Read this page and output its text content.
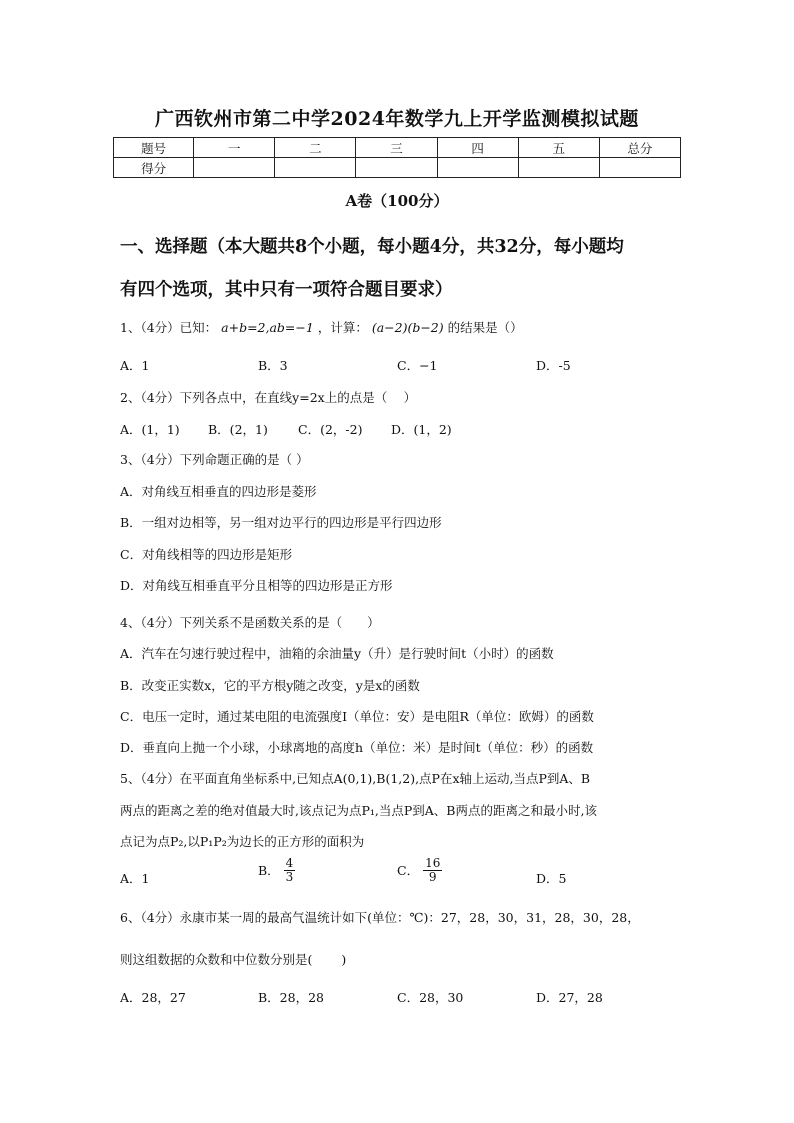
广西钦州市第二中学2024年数学九上开学监测模拟试题
题号	一	二	三	四	五	总分
得分						
A卷（100分）
一、选择题（本大题共8个小题，每小题4分，共32分，每小题均
有四个选项，其中只有一项符合题目要求）
1、（4分）已知： a+b=2,ab=−1 ，计算： (a−2)(b−2) 的结果是（）
A．1	B．3	C．−1	D．-5
2、（4分）下列各点中，在直线y=2x上的点是（　 ）
A．(1，1) B．(2，1) C．(2，-2) D．(1，2)
3、（4分）下列命题正确的是（ ）
A．对角线互相垂直的四边形是菱形
B．一组对边相等，另一组对边平行的四边形是平行四边形
C．对角线相等的四边形是矩形
D．对角线互相垂直平分且相等的四边形是正方形
4、（4分）下列关系不是函数关系的是（　　）
A．汽车在匀速行驶过程中，油箱的余油量y（升）是行驶时间t（小时）的函数
B．改变正实数x，它的平方根y随之改变，y是x的函数
C．电压一定时，通过某电阻的电流强度I（单位：安）是电阻R（单位：欧姆）的函数
D．垂直向上抛一个小球，小球离地的高度h（单位：米）是时间t（单位：秒）的函数
5、（4分）在平面直角坐标系中,已知点A(0,1),B(1,2),点P在x轴上运动,当点P到A、B
两点的距离之差的绝对值最大时,该点记为点P₁,当点P到A、B两点的距离之和最小时,该
点记为点P₂,以P₁P₂为边长的正方形的面积为
A．1
B． $\frac{4}{3}$	C． $\frac{16}{9}$	D．5
6、（4分）永康市某一周的最高气温统计如下(单位：℃)：27，28，30，31，28，30，28，
则这组数据的众数和中位数分别是(　　 )
A．28，27	B．28，28	C．28，30	D．27，28
